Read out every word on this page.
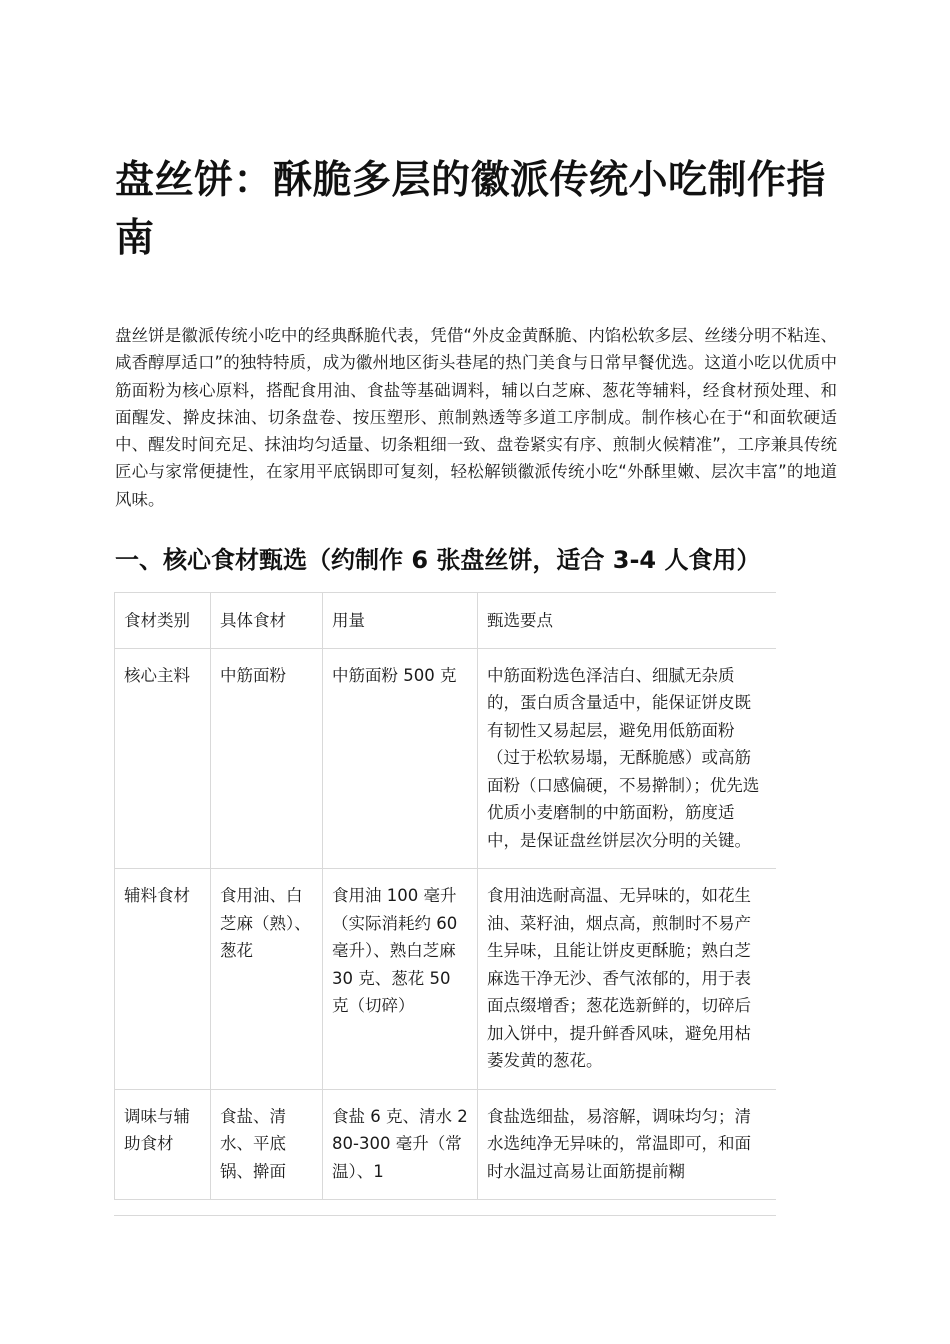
盘丝饼：酥脆多层的徽派传统小吃制作指南

盘丝饼是徽派传统小吃中的经典酥脆代表，凭借“外皮金黄酥脆、内馅松软多层、丝缕分明不粘连、咸香醇厚适口”的独特特质，成为徽州地区街头巷尾的热门美食与日常早餐优选。这道小吃以优质中筋面粉为核心原料，搭配食用油、食盐等基础调料，辅以白芝麻、葱花等辅料，经食材预处理、和面醒发、擀皮抹油、切条盘卷、按压塑形、煎制熟透等多道工序制成。制作核心在于“和面软硬适中、醒发时间充足、抹油均匀适量、切条粗细一致、盘卷紧实有序、煎制火候精准”，工序兼具传统匠心与家常便捷性，在家用平底锅即可复刻，轻松解锁徽派传统小吃“外酥里嫩、层次丰富”的地道风味。

一、核心食材甄选（约制作 6 张盘丝饼，适合 3-4 人食用）
食材类别	具体食材	用量	甄选要点
核心主料	中筋面粉	中筋面粉 500 克	中筋面粉选色泽洁白、细腻无杂质的，蛋白质含量适中，能保证饼皮既有韧性又易起层，避免用低筋面粉（过于松软易塌，无酥脆感）或高筋面粉（口感偏硬，不易擀制）；优先选优质小麦磨制的中筋面粉，筋度适中，是保证盘丝饼层次分明的关键。
辅料食材	食用油、白芝麻（熟）、葱花	食用油 100 毫升（实际消耗约 60 毫升）、熟白芝麻 30 克、葱花 50 克（切碎）	食用油选耐高温、无异味的，如花生油、菜籽油，烟点高，煎制时不易产生异味，且能让饼皮更酥脆；熟白芝麻选干净无沙、香气浓郁的，用于表面点缀增香；葱花选新鲜的，切碎后加入饼中，提升鲜香风味，避免用枯萎发黄的葱花。
调味与辅助食材	食盐、清水、平底锅、擀面	食盐 6 克、清水 280-300 毫升（常温）、1	食盐选细盐，易溶解，调味均匀；清水选纯净无异味的，常温即可，和面时水温过高易让面筋提前糊
